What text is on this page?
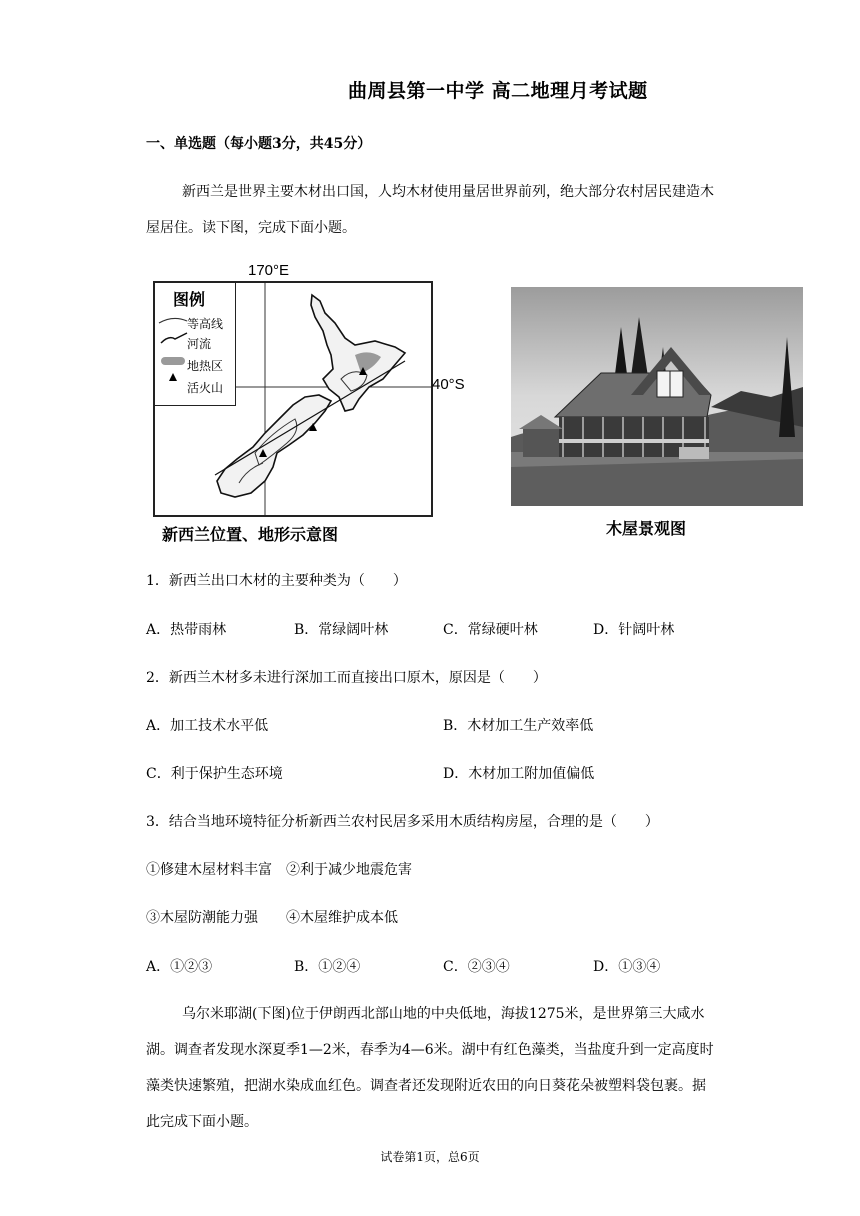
曲周县第一中学 高二地理月考试题
一、单选题（每小题3分，共45分）
新西兰是世界主要木材出口国，人均木材使用量居世界前列，绝大部分农村居民建造木屋居住。读下图，完成下面小题。
170°E
图例
等高线
河流
地热区
活火山	40°S
新西兰位置、地形示意图	木屋景观图
1．新西兰出口木材的主要种类为（　　）
A．热带雨林	B．常绿阔叶林	C．常绿硬叶林	D．针阔叶林
2．新西兰木材多未进行深加工而直接出口原木，原因是（　　）
A．加工技术水平低	B．木材加工生产效率低
C．利于保护生态环境	D．木材加工附加值偏低
3．结合当地环境特征分析新西兰农村民居多采用木质结构房屋，合理的是（　　）
①修建木屋材料丰富　②利于减少地震危害
③木屋防潮能力强　　④木屋维护成本低
A．①②③	B．①②④	C．②③④	D．①③④
乌尔米耶湖(下图)位于伊朗西北部山地的中央低地，海拔1275米，是世界第三大咸水湖。调查者发现水深夏季1—2米，春季为4—6米。湖中有红色藻类，当盐度升到一定高度时藻类快速繁殖，把湖水染成血红色。调查者还发现附近农田的向日葵花朵被塑料袋包裹。据此完成下面小题。
试卷第1页，总6页
